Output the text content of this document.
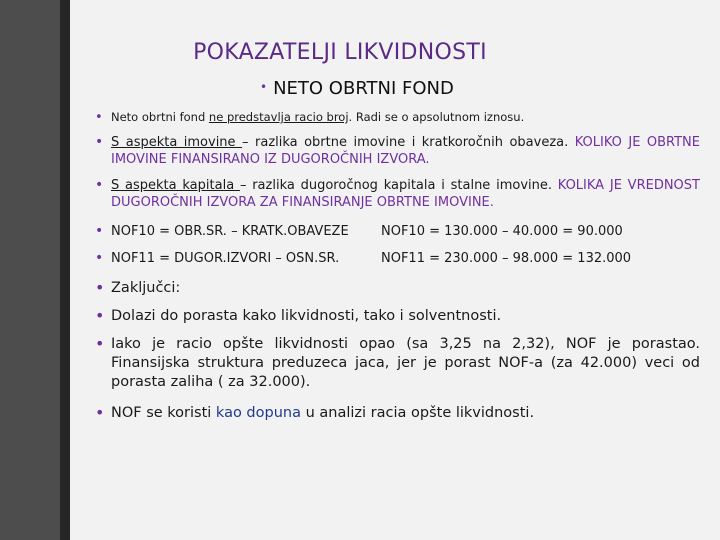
POKAZATELJI LIKVIDNOSTI
• NETO OBRTNI FOND
• Neto obrtni fond ne predstavlja racio broj. Radi se o apsolutnom iznosu.
• S aspekta imovine – razlika obrtne imovine i kratkoročnih obaveza. KOLIKO JE OBRTNE IMOVINE FINANSIRANO IZ DUGOROČNIH IZVORA.
• S aspekta kapitala – razlika dugoročnog kapitala i stalne imovine. KOLIKA JE VREDNOST DUGOROČNIH IZVORA ZA FINANSIRANJE OBRTNE IMOVINE.
• NOF10 = OBR.SR. – KRATK.OBAVEZE	NOF10 = 130.000 – 40.000 = 90.000
• NOF11 = DUGOR.IZVORI – OSN.SR.	NOF11 = 230.000 – 98.000 = 132.000
• Zaključci:
• Dolazi do porasta kako likvidnosti, tako i solventnosti.
• Iako je racio opšte likvidnosti opao (sa 3,25 na 2,32), NOF je porastao. Finansijska struktura preduzeca jaca, jer je porast NOF-a (za 42.000) veci od porasta zaliha ( za 32.000).
• NOF se koristi kao dopuna u analizi racia opšte likvidnosti.
